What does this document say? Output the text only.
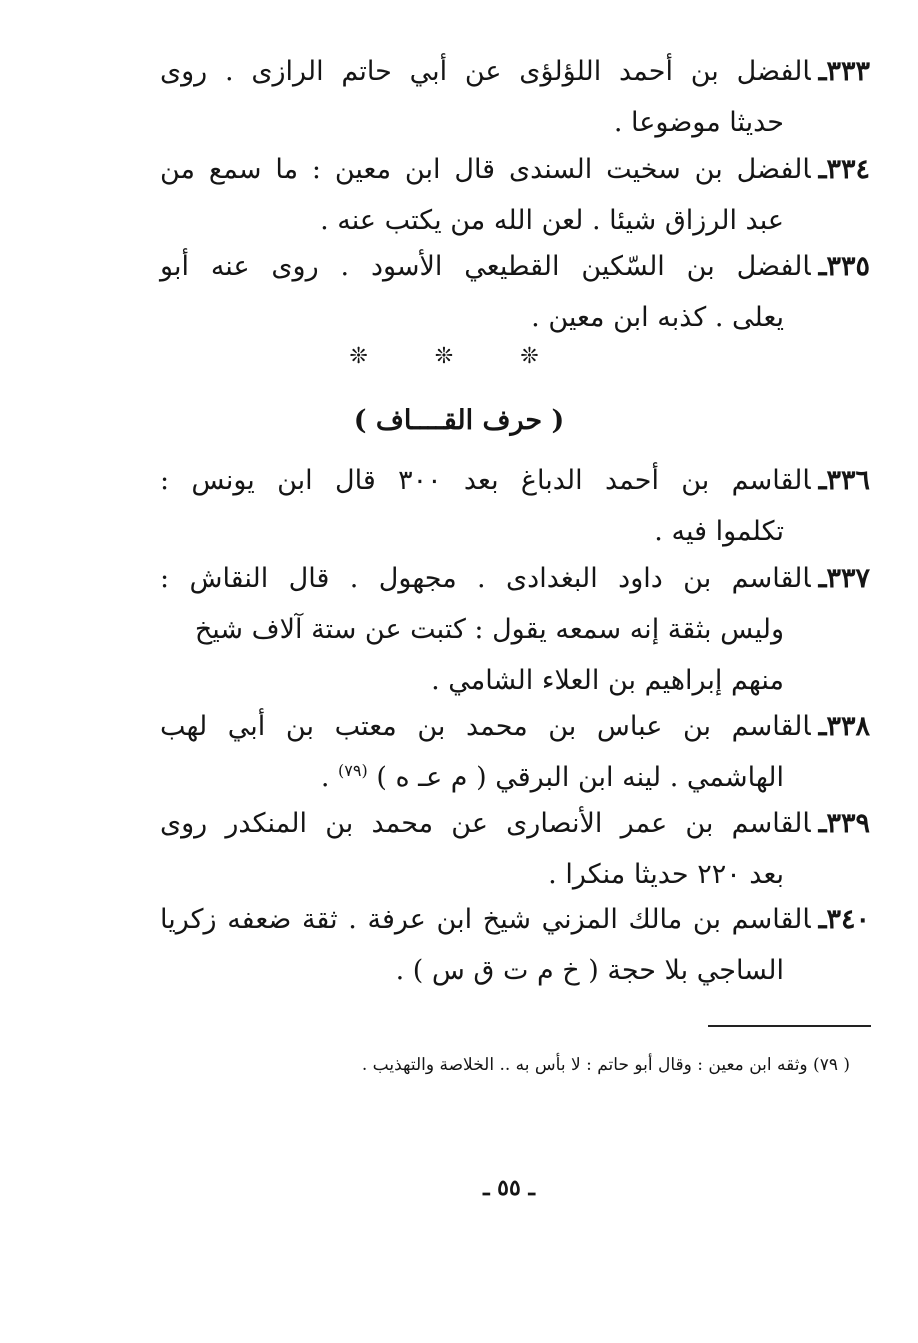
٣٣٣ـالفضل بن أحمد اللؤلؤى عن أبي حاتم الرازى . روى
حديثا موضوعا .
٣٣٤ـالفضل بن سخيت السندى قال ابن معين : ما سمع من
عبد الرزاق شيئا . لعن الله من يكتب عنه .
٣٣٥ـالفضل بن السّكين القطيعي الأسود . روى عنه أبو
يعلى . كذبه ابن معين .
❊ ❊ ❊
( حرف القــــاف )
٣٣٦ـالقاسم بن أحمد الدباغ بعد ٣٠٠ قال ابن يونس :
تكلموا فيه .
٣٣٧ـالقاسم بن داود البغدادى . مجهول . قال النقاش :
وليس بثقة إنه سمعه يقول : كتبت عن ستة آلاف شيخ
منهم إبراهيم بن العلاء الشامي .
٣٣٨ـالقاسم بن عباس بن محمد بن معتب بن أبي لهب
الهاشمي . لينه ابن البرقي ( م عـ ه ) $^{(٧٩)}$ .
٣٣٩ـالقاسم بن عمر الأنصارى عن محمد بن المنكدر روى
بعد ٢٢٠ حديثا منكرا .
٣٤٠ـالقاسم بن مالك المزني شيخ ابن عرفة . ثقة ضعفه زكريا
الساجي بلا حجة ( خ م ت ق س ) .
( ٧٩) وثقه ابن معين : وقال أبو حاتم : لا بأس به .. الخلاصة والتهذيب .
ـ ٥٥ ـ
